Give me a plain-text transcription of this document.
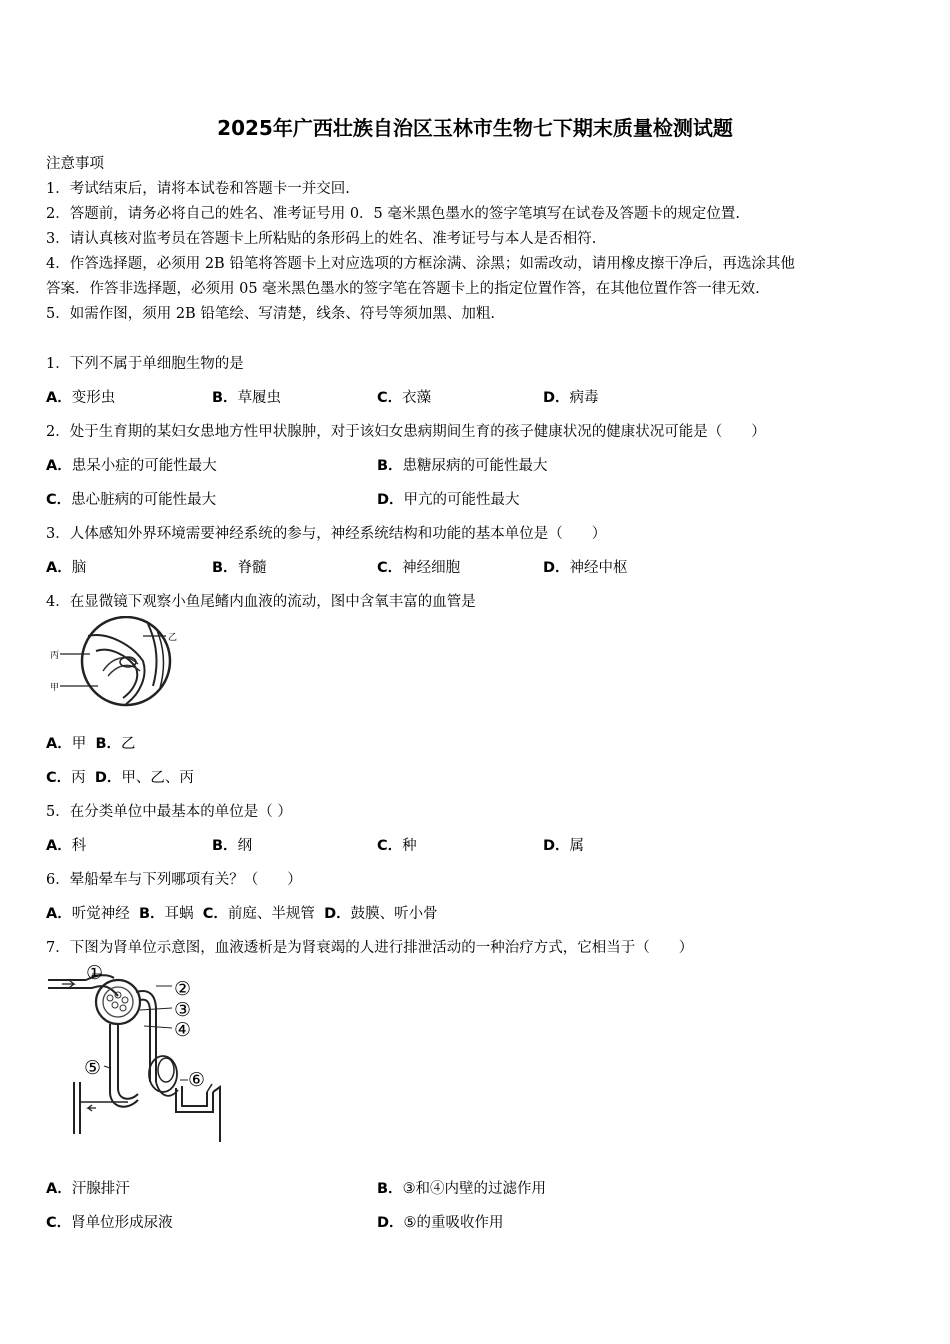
2025年广西壮族自治区玉林市生物七下期末质量检测试题
注意事项
1．考试结束后，请将本试卷和答题卡一并交回.
2．答题前，请务必将自己的姓名、准考证号用 0．5 毫米黑色墨水的签字笔填写在试卷及答题卡的规定位置.
3．请认真核对监考员在答题卡上所粘贴的条形码上的姓名、准考证号与本人是否相符.
4．作答选择题，必须用 2B 铅笔将答题卡上对应选项的方框涂满、涂黑；如需改动，请用橡皮擦干净后，再选涂其他
答案．作答非选择题，必须用 05 毫米黑色墨水的签字笔在答题卡上的指定位置作答，在其他位置作答一律无效.
5．如需作图，须用 2B 铅笔绘、写清楚，线条、符号等须加黑、加粗.
1．下列不属于单细胞生物的是
A．变形虫	B．草履虫	C．衣藻	D．病毒
2．处于生育期的某妇女患地方性甲状腺肿，对于该妇女患病期间生育的孩子健康状况的健康状况可能是（　　）
A．患呆小症的可能性最大	B．患糖尿病的可能性最大
C．患心脏病的可能性最大	D．甲亢的可能性最大
3．人体感知外界环境需要神经系统的参与，神经系统结构和功能的基本单位是（　　）
A．脑	B．脊髓	C．神经细胞	D．神经中枢
4．在显微镜下观察小鱼尾鳍内血液的流动，图中含氧丰富的血管是
丙
乙
甲
A．甲 B．乙
C．丙 D．甲、乙、丙
5．在分类单位中最基本的单位是（ ）
A．科	B．纲	C．种	D．属
6．晕船晕车与下列哪项有关？（　　）
A．听觉神经 B．耳蜗 C．前庭、半规管 D．鼓膜、听小骨
7．下图为肾单位示意图，血液透析是为肾衰竭的人进行排泄活动的一种治疗方式，它相当于（　　）
①
②
③
④
⑤
⑥
A．汗腺排汗	B．③和④内壁的过滤作用
C．肾单位形成尿液	D．⑤的重吸收作用
